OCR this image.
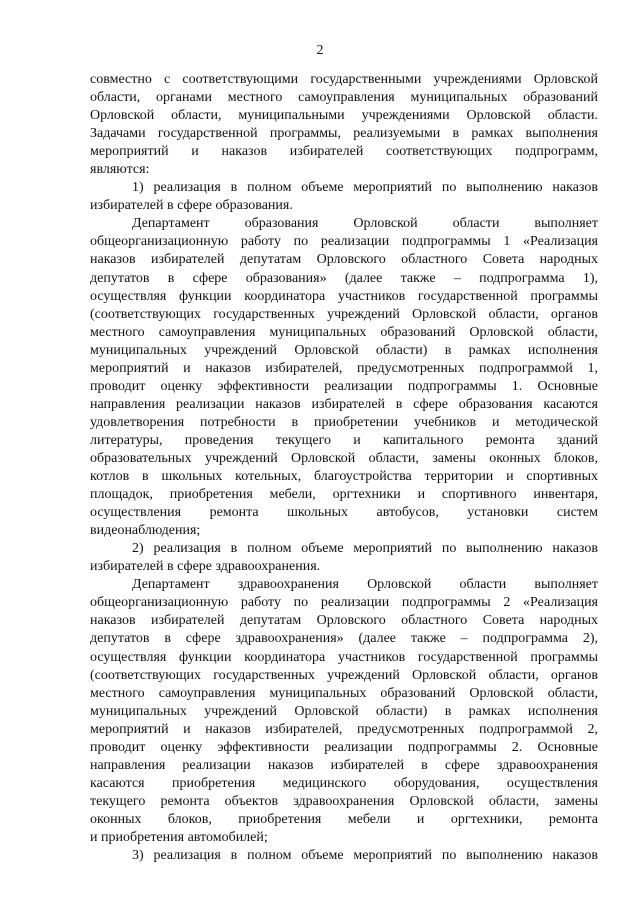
2
совместно с соответствующими государственными учреждениями Орловской
области, органами местного самоуправления муниципальных образований
Орловской области, муниципальными учреждениями Орловской области.
Задачами государственной программы, реализуемыми в рамках выполнения
мероприятий и наказов избирателей соответствующих подпрограмм,
являются:
1) реализация в полном объеме мероприятий по выполнению наказов
избирателей в сфере образования.
Департамент образования Орловской области выполняет
общеорганизационную работу по реализации подпрограммы 1 «Реализация
наказов избирателей депутатам Орловского областного Совета народных
депутатов в сфере образования» (далее также – подпрограмма 1),
осуществляя функции координатора участников государственной программы
(соответствующих государственных учреждений Орловской области, органов
местного самоуправления муниципальных образований Орловской области,
муниципальных учреждений Орловской области) в рамках исполнения
мероприятий и наказов избирателей, предусмотренных подпрограммой 1,
проводит оценку эффективности реализации подпрограммы 1. Основные
направления реализации наказов избирателей в сфере образования касаются
удовлетворения потребности в приобретении учебников и методической
литературы, проведения текущего и капитального ремонта зданий
образовательных учреждений Орловской области, замены оконных блоков,
котлов в школьных котельных, благоустройства территории и спортивных
площадок, приобретения мебели, оргтехники и спортивного инвентаря,
осуществления ремонта школьных автобусов, установки систем
видеонаблюдения;
2) реализация в полном объеме мероприятий по выполнению наказов
избирателей в сфере здравоохранения.
Департамент здравоохранения Орловской области выполняет
общеорганизационную работу по реализации подпрограммы 2 «Реализация
наказов избирателей депутатам Орловского областного Совета народных
депутатов в сфере здравоохранения» (далее также – подпрограмма 2),
осуществляя функции координатора участников государственной программы
(соответствующих государственных учреждений Орловской области, органов
местного самоуправления муниципальных образований Орловской области,
муниципальных учреждений Орловской области) в рамках исполнения
мероприятий и наказов избирателей, предусмотренных подпрограммой 2,
проводит оценку эффективности реализации подпрограммы 2. Основные
направления реализации наказов избирателей в сфере здравоохранения
касаются приобретения медицинского оборудования, осуществления
текущего ремонта объектов здравоохранения Орловской области, замены
оконных блоков, приобретения мебели и оргтехники, ремонта
и приобретения автомобилей;
3) реализация в полном объеме мероприятий по выполнению наказов
